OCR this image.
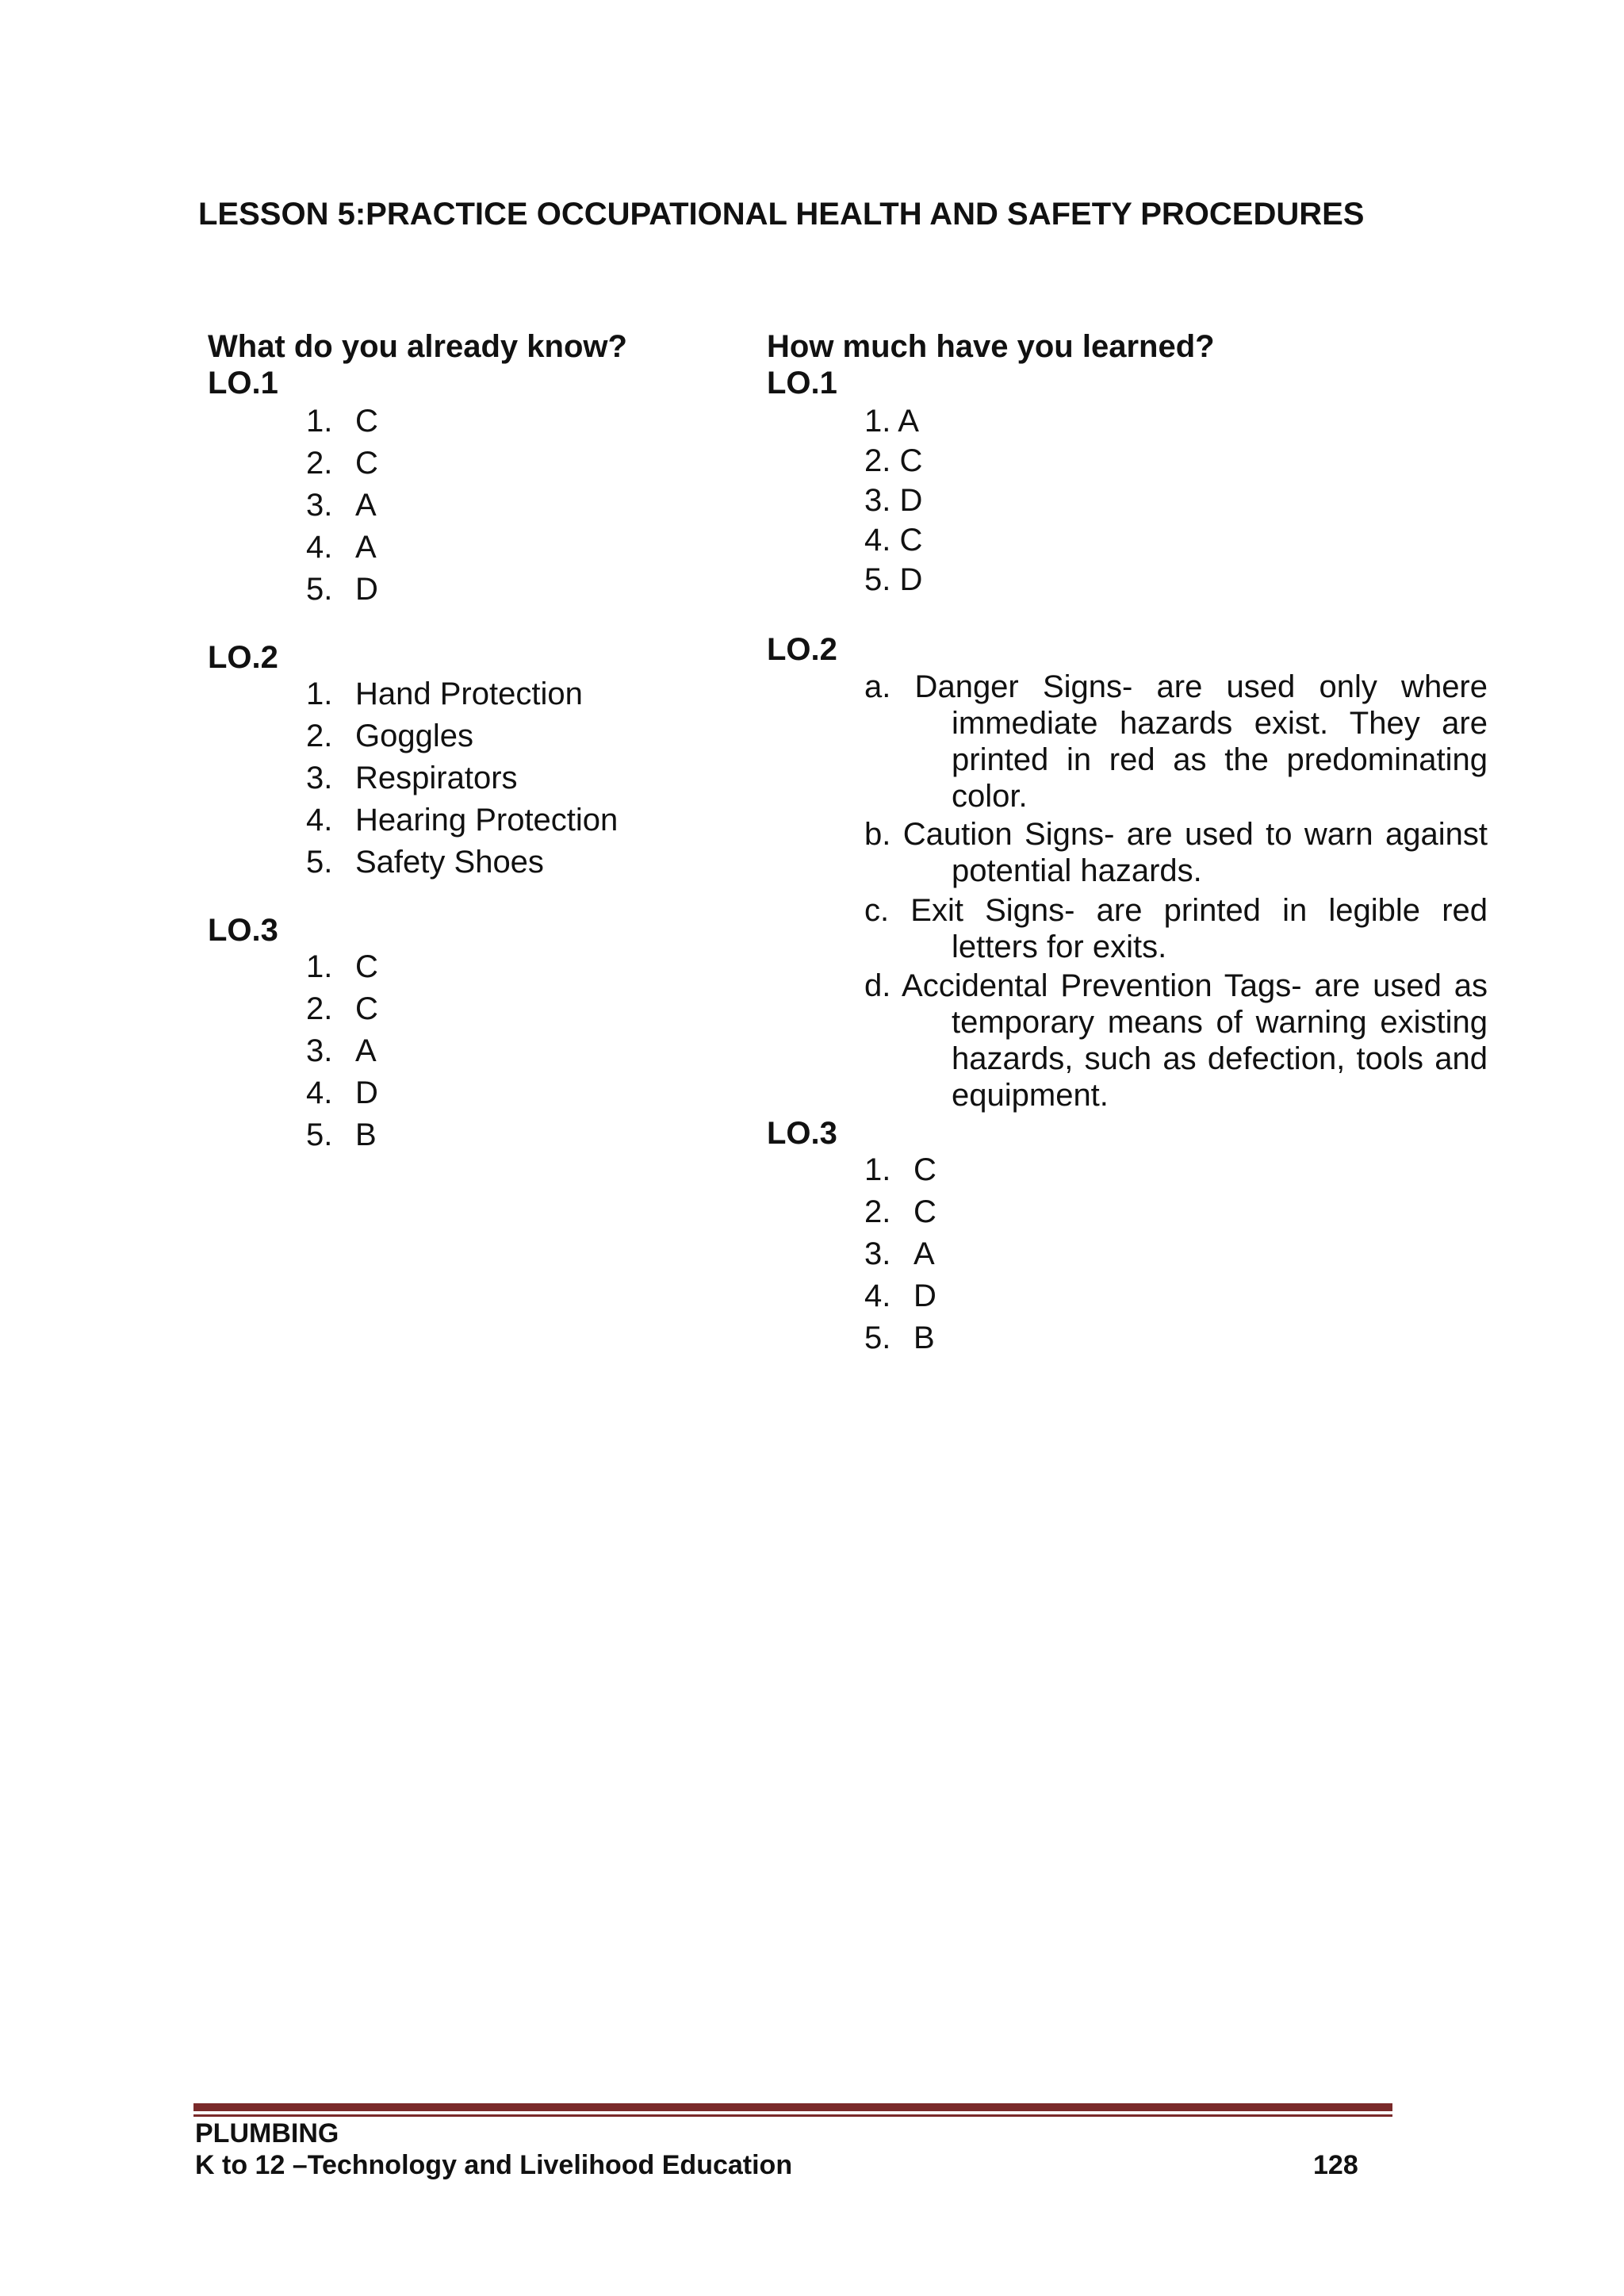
LESSON 5:PRACTICE OCCUPATIONAL HEALTH AND SAFETY PROCEDURES
What do you already know?
LO.1
1. C
2. C
3. A
4. A
5. D
LO.2
1. Hand Protection
2. Goggles
3. Respirators
4. Hearing Protection
5. Safety Shoes
LO.3
1. C
2. C
3. A
4. D
5. B
How much have you learned?
LO.1
1. A
2. C
3. D
4. C
5. D
LO.2
a. Danger Signs- are used only where immediate hazards exist. They are printed in red as the predominating color.
b. Caution Signs- are used to warn against potential hazards.
c. Exit Signs- are printed in legible red letters for exits.
d. Accidental Prevention Tags- are used as temporary means of warning existing hazards, such as defection, tools and equipment.
LO.3
1. C
2. C
3. A
4. D
5. B
PLUMBING
K to 12 –Technology and Livelihood Education	128
